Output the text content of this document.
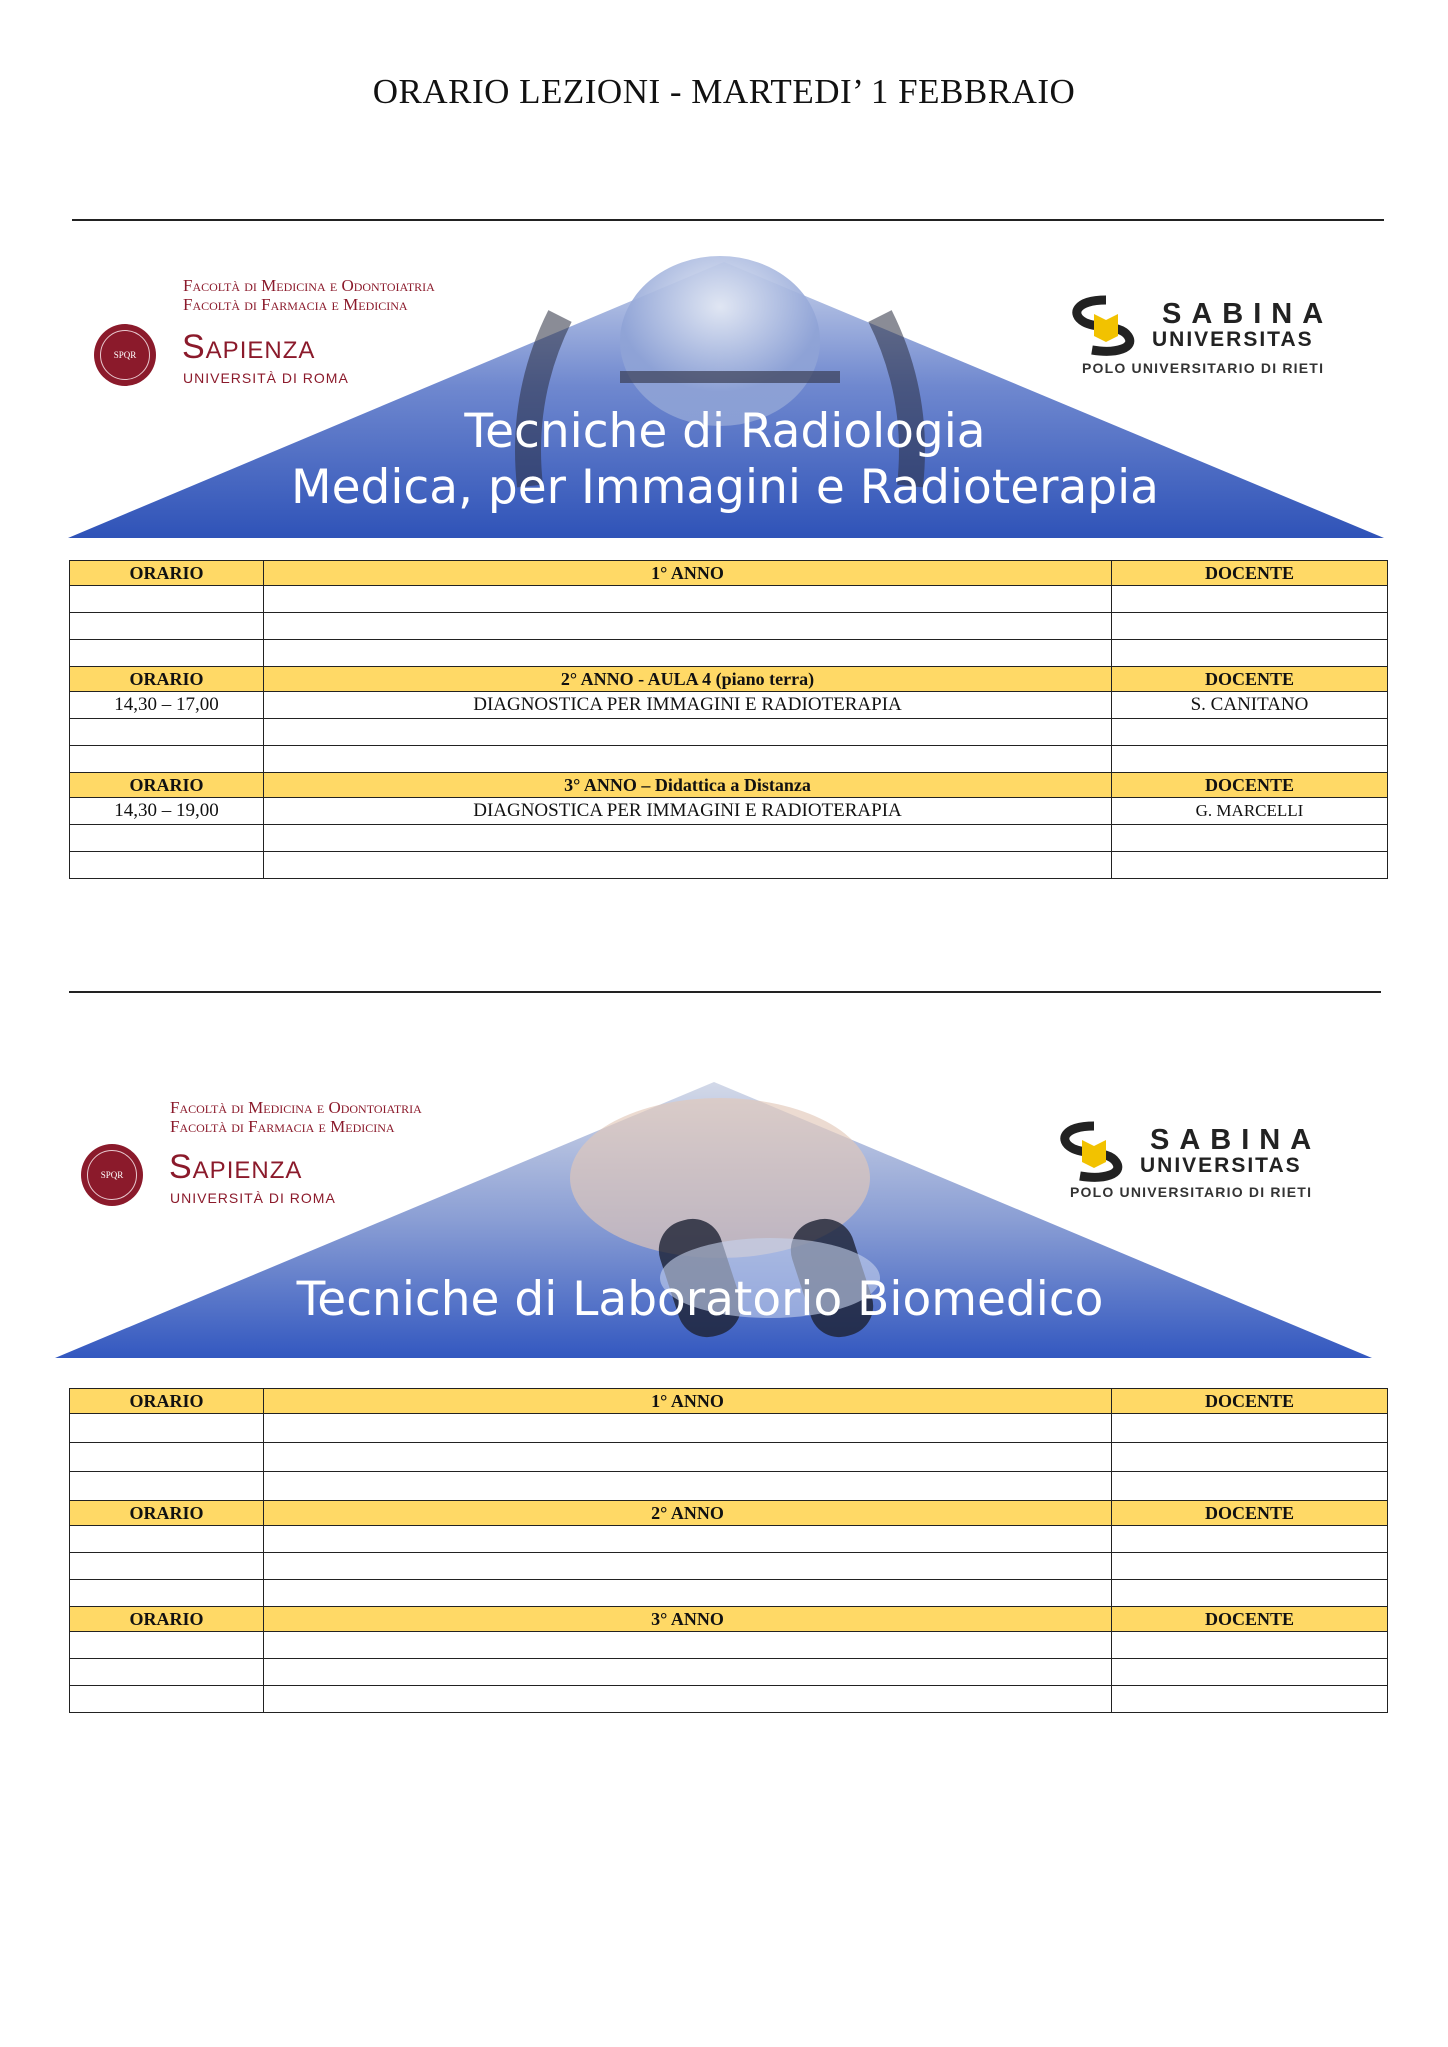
ORARIO LEZIONI - MARTEDI’ 1 FEBBRAIO
Facoltà di Medicina e Odontoiatria
Facoltà di Farmacia e Medicina
SPQR	Sapienza
UNIVERSITÀ DI ROMA
SABINA
UNIVERSITAS
POLO UNIVERSITARIO DI RIETI
Tecniche di Radiologia
Medica, per Immagini e Radioterapia
ORARIO	1° ANNO	DOCENTE

ORARIO	2° ANNO - AULA 4 (piano terra)	DOCENTE
14,30 – 17,00	DIAGNOSTICA PER IMMAGINI E RADIOTERAPIA	S. CANITANO

ORARIO	3° ANNO – Didattica a Distanza	DOCENTE
14,30 – 19,00	DIAGNOSTICA PER IMMAGINI E RADIOTERAPIA	G. MARCELLI

Facoltà di Medicina e Odontoiatria
Facoltà di Farmacia e Medicina
SPQR	Sapienza
UNIVERSITÀ DI ROMA
SABINA
UNIVERSITAS
POLO UNIVERSITARIO DI RIETI
Tecniche di Laboratorio Biomedico
ORARIO	1° ANNO	DOCENTE

ORARIO	2° ANNO	DOCENTE

ORARIO	3° ANNO	DOCENTE
